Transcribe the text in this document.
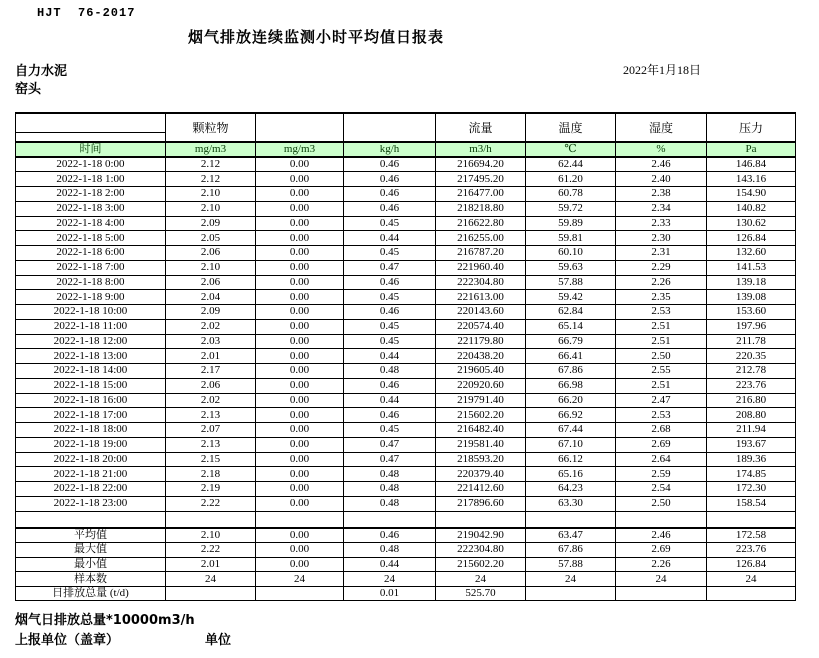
HJT  76-2017
烟气排放连续监测小时平均值日报表
自力水泥
窑头
2022年1月18日
	颗粒物			流量	温度	湿度	压力

时间	mg/m3	mg/m3	kg/h	m3/h	℃	%	Pa
2022-1-18 0:00	2.12	0.00	0.46	216694.20	62.44	2.46	146.84
2022-1-18 1:00	2.12	0.00	0.46	217495.20	61.20	2.40	143.16
2022-1-18 2:00	2.10	0.00	0.46	216477.00	60.78	2.38	154.90
2022-1-18 3:00	2.10	0.00	0.46	218218.80	59.72	2.34	140.82
2022-1-18 4:00	2.09	0.00	0.45	216622.80	59.89	2.33	130.62
2022-1-18 5:00	2.05	0.00	0.44	216255.00	59.81	2.30	126.84
2022-1-18 6:00	2.06	0.00	0.45	216787.20	60.10	2.31	132.60
2022-1-18 7:00	2.10	0.00	0.47	221960.40	59.63	2.29	141.53
2022-1-18 8:00	2.06	0.00	0.46	222304.80	57.88	2.26	139.18
2022-1-18 9:00	2.04	0.00	0.45	221613.00	59.42	2.35	139.08
2022-1-18 10:00	2.09	0.00	0.46	220143.60	62.84	2.53	153.60
2022-1-18 11:00	2.02	0.00	0.45	220574.40	65.14	2.51	197.96
2022-1-18 12:00	2.03	0.00	0.45	221179.80	66.79	2.51	211.78
2022-1-18 13:00	2.01	0.00	0.44	220438.20	66.41	2.50	220.35
2022-1-18 14:00	2.17	0.00	0.48	219605.40	67.86	2.55	212.78
2022-1-18 15:00	2.06	0.00	0.46	220920.60	66.98	2.51	223.76
2022-1-18 16:00	2.02	0.00	0.44	219791.40	66.20	2.47	216.80
2022-1-18 17:00	2.13	0.00	0.46	215602.20	66.92	2.53	208.80
2022-1-18 18:00	2.07	0.00	0.45	216482.40	67.44	2.68	211.94
2022-1-18 19:00	2.13	0.00	0.47	219581.40	67.10	2.69	193.67
2022-1-18 20:00	2.15	0.00	0.47	218593.20	66.12	2.64	189.36
2022-1-18 21:00	2.18	0.00	0.48	220379.40	65.16	2.59	174.85
2022-1-18 22:00	2.19	0.00	0.48	221412.60	64.23	2.54	172.30
2022-1-18 23:00	2.22	0.00	0.48	217896.60	63.30	2.50	158.54

平均值	2.10	0.00	0.46	219042.90	63.47	2.46	172.58
最大值	2.22	0.00	0.48	222304.80	67.86	2.69	223.76
最小值	2.01	0.00	0.44	215602.20	57.88	2.26	126.84
样本数	24	24	24	24	24	24	24
日排放总量 (t/d)			0.01	525.70			
烟气日排放总量*10000m3/h
上报单位（盖章）	单位
